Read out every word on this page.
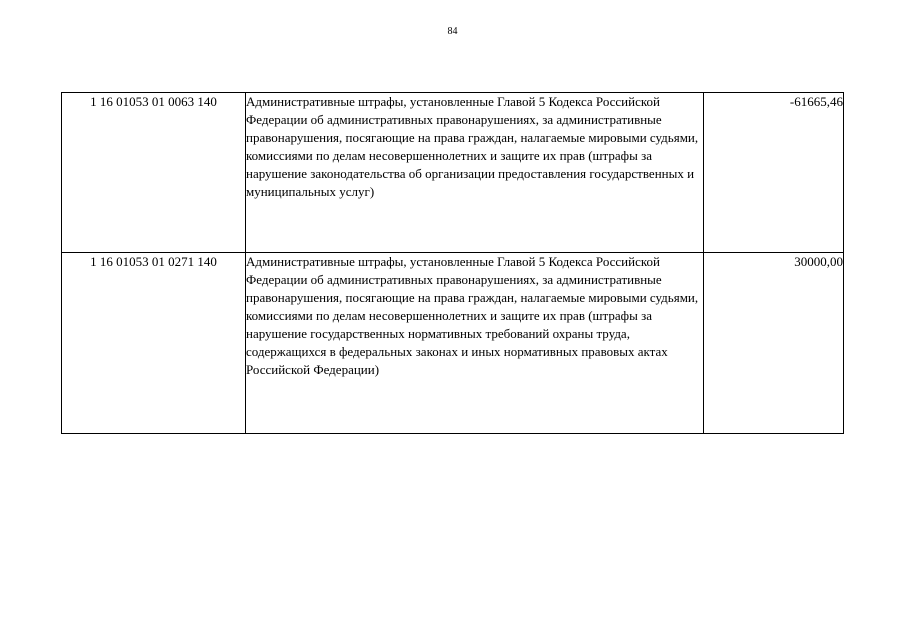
84
1 16 01053 01 0063 140	Административные штрафы, установленные Главой 5 Кодекса Российской Федерации об административных правонарушениях, за административные правонарушения, посягающие на права граждан, налагаемые мировыми судьями, комиссиями по делам несовершеннолетних и защите их прав (штрафы за нарушение законодательства об организации предоставления государственных и муниципальных услуг)	-61665,46
1 16 01053 01 0271 140	Административные штрафы, установленные Главой 5 Кодекса Российской Федерации об административных правонарушениях, за административные правонарушения, посягающие на права граждан, налагаемые мировыми судьями, комиссиями по делам несовершеннолетних и защите их прав (штрафы за нарушение государственных нормативных требований охраны труда, содержащихся в федеральных законах и иных нормативных правовых актах Российской Федерации)	30000,00
